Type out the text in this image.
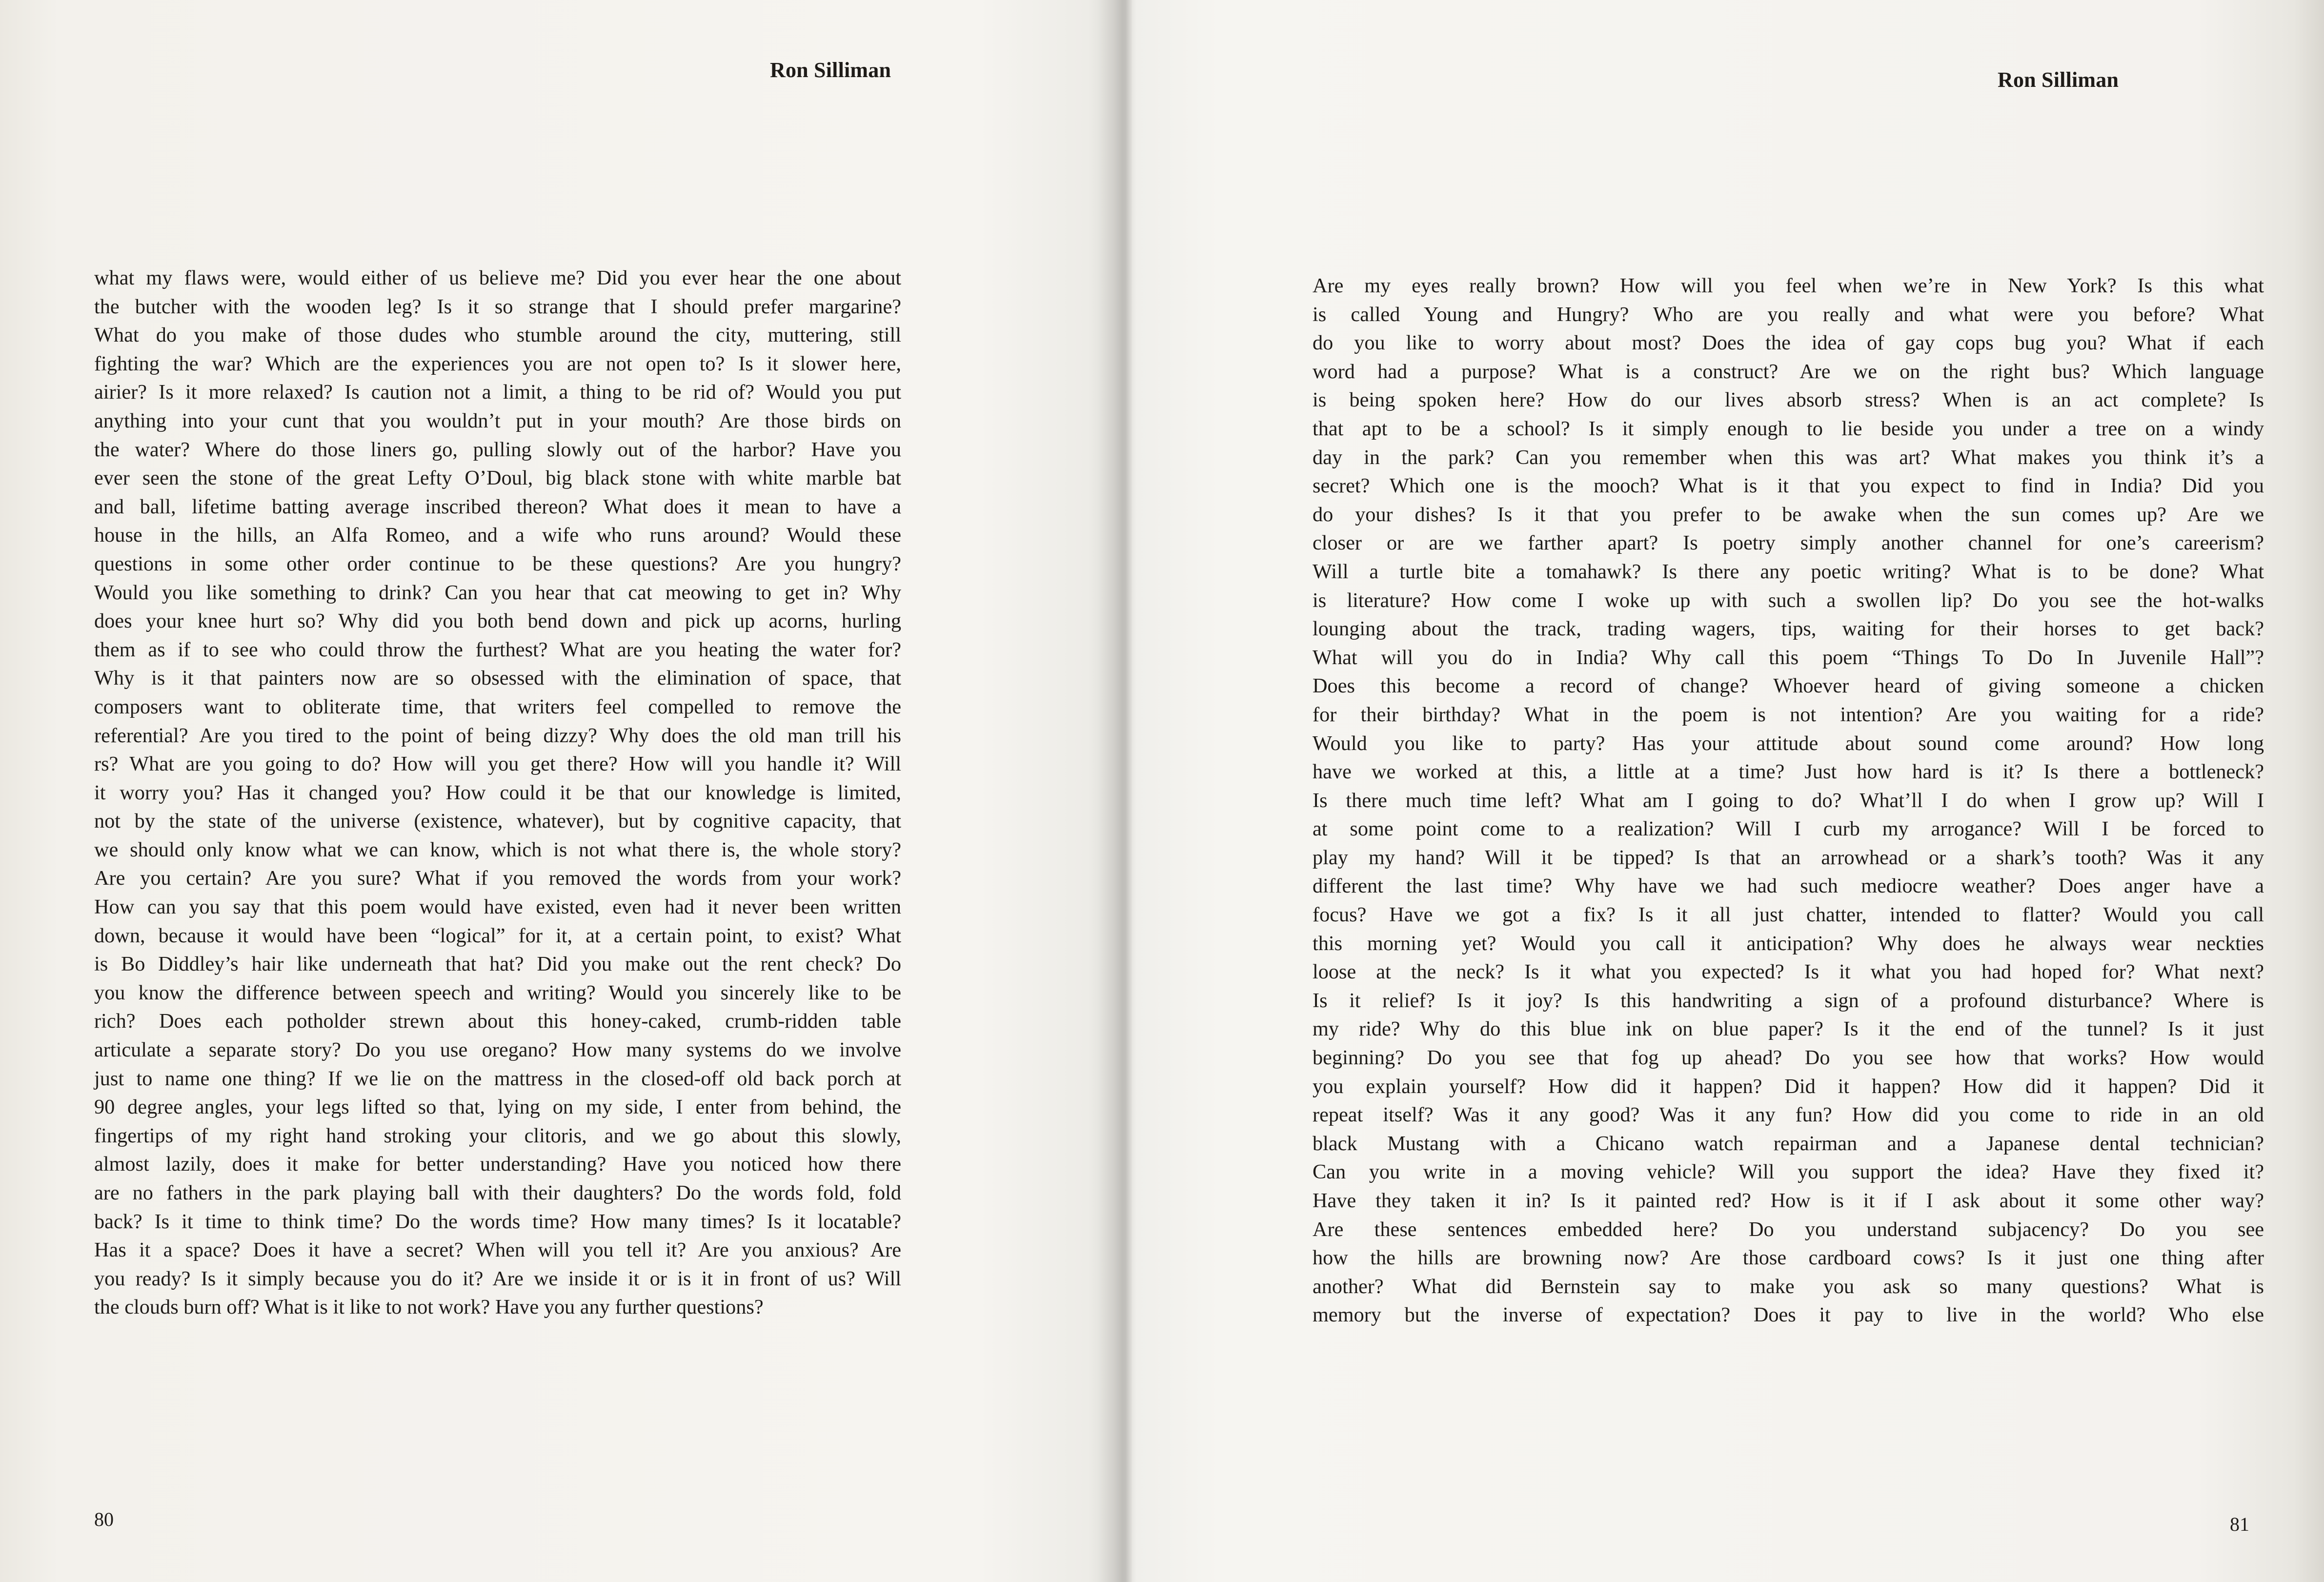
Ron Silliman
what my flaws were, would either of us believe me? Did you ever hear the one about
the butcher with the wooden leg? Is it so strange that I should prefer margarine?
What do you make of those dudes who stumble around the city, muttering, still
fighting the war? Which are the experiences you are not open to? Is it slower here,
airier? Is it more relaxed? Is caution not a limit, a thing to be rid of? Would you put
anything into your cunt that you wouldn’t put in your mouth? Are those birds on
the water? Where do those liners go, pulling slowly out of the harbor? Have you
ever seen the stone of the great Lefty O’Doul, big black stone with white marble bat
and ball, lifetime batting average inscribed thereon? What does it mean to have a
house in the hills, an Alfa Romeo, and a wife who runs around? Would these
questions in some other order continue to be these questions? Are you hungry?
Would you like something to drink? Can you hear that cat meowing to get in? Why
does your knee hurt so? Why did you both bend down and pick up acorns, hurling
them as if to see who could throw the furthest? What are you heating the water for?
Why is it that painters now are so obsessed with the elimination of space, that
composers want to obliterate time, that writers feel compelled to remove the
referential? Are you tired to the point of being dizzy? Why does the old man trill his
rs? What are you going to do? How will you get there? How will you handle it? Will
it worry you? Has it changed you? How could it be that our knowledge is limited,
not by the state of the universe (existence, whatever), but by cognitive capacity, that
we should only know what we can know, which is not what there is, the whole story?
Are you certain? Are you sure? What if you removed the words from your work?
How can you say that this poem would have existed, even had it never been written
down, because it would have been “logical” for it, at a certain point, to exist? What
is Bo Diddley’s hair like underneath that hat? Did you make out the rent check? Do
you know the difference between speech and writing? Would you sincerely like to be
rich? Does each potholder strewn about this honey-caked, crumb-ridden table
articulate a separate story? Do you use oregano? How many systems do we involve
just to name one thing? If we lie on the mattress in the closed-off old back porch at
90 degree angles, your legs lifted so that, lying on my side, I enter from behind, the
fingertips of my right hand stroking your clitoris, and we go about this slowly,
almost lazily, does it make for better understanding? Have you noticed how there
are no fathers in the park playing ball with their daughters? Do the words fold, fold
back? Is it time to think time? Do the words time? How many times? Is it locatable?
Has it a space? Does it have a secret? When will you tell it? Are you anxious? Are
you ready? Is it simply because you do it? Are we inside it or is it in front of us? Will
the clouds burn off? What is it like to not work? Have you any further questions?
80
Ron Silliman
Are my eyes really brown? How will you feel when we’re in New York? Is this what
is called Young and Hungry? Who are you really and what were you before? What
do you like to worry about most? Does the idea of gay cops bug you? What if each
word had a purpose? What is a construct? Are we on the right bus? Which language
is being spoken here? How do our lives absorb stress? When is an act complete? Is
that apt to be a school? Is it simply enough to lie beside you under a tree on a windy
day in the park? Can you remember when this was art? What makes you think it’s a
secret? Which one is the mooch? What is it that you expect to find in India? Did you
do your dishes? Is it that you prefer to be awake when the sun comes up? Are we
closer or are we farther apart? Is poetry simply another channel for one’s careerism?
Will a turtle bite a tomahawk? Is there any poetic writing? What is to be done? What
is literature? How come I woke up with such a swollen lip? Do you see the hot-walks
lounging about the track, trading wagers, tips, waiting for their horses to get back?
What will you do in India? Why call this poem “Things To Do In Juvenile Hall”?
Does this become a record of change? Whoever heard of giving someone a chicken
for their birthday? What in the poem is not intention? Are you waiting for a ride?
Would you like to party? Has your attitude about sound come around? How long
have we worked at this, a little at a time? Just how hard is it? Is there a bottleneck?
Is there much time left? What am I going to do? What’ll I do when I grow up? Will I
at some point come to a realization? Will I curb my arrogance? Will I be forced to
play my hand? Will it be tipped? Is that an arrowhead or a shark’s tooth? Was it any
different the last time? Why have we had such mediocre weather? Does anger have a
focus? Have we got a fix? Is it all just chatter, intended to flatter? Would you call
this morning yet? Would you call it anticipation? Why does he always wear neckties
loose at the neck? Is it what you expected? Is it what you had hoped for? What next?
Is it relief? Is it joy? Is this handwriting a sign of a profound disturbance? Where is
my ride? Why do this blue ink on blue paper? Is it the end of the tunnel? Is it just
beginning? Do you see that fog up ahead? Do you see how that works? How would
you explain yourself? How did it happen? Did it happen? How did it happen? Did it
repeat itself? Was it any good? Was it any fun? How did you come to ride in an old
black Mustang with a Chicano watch repairman and a Japanese dental technician?
Can you write in a moving vehicle? Will you support the idea? Have they fixed it?
Have they taken it in? Is it painted red? How is it if I ask about it some other way?
Are these sentences embedded here? Do you understand subjacency? Do you see
how the hills are browning now? Are those cardboard cows? Is it just one thing after
another? What did Bernstein say to make you ask so many questions? What is
memory but the inverse of expectation? Does it pay to live in the world? Who else
81
